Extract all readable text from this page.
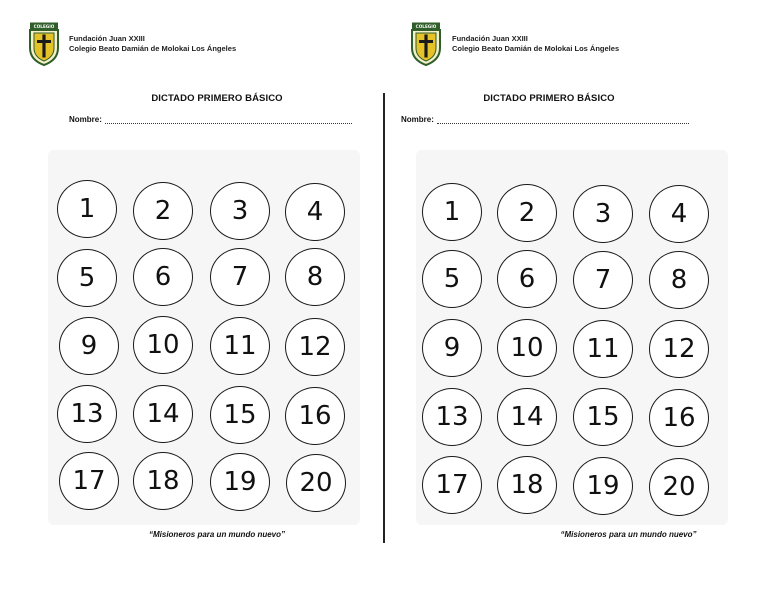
COLEGIO
Fundación Juan XXIII
Colegio Beato Damián de Molokai Los Ángeles
DICTADO PRIMERO BÁSICO
Nombre:
1	2	3	4
5	6	7	8
9	10	11	12
13	14	15	16
17	18	19	20
“Misioneros para un mundo nuevo”
COLEGIO
Fundación Juan XXIII
Colegio Beato Damián de Molokai Los Ángeles
DICTADO PRIMERO BÁSICO
Nombre:
1	2	3	4
5	6	7	8
9	10	11	12
13	14	15	16
17	18	19	20
“Misioneros para un mundo nuevo”
